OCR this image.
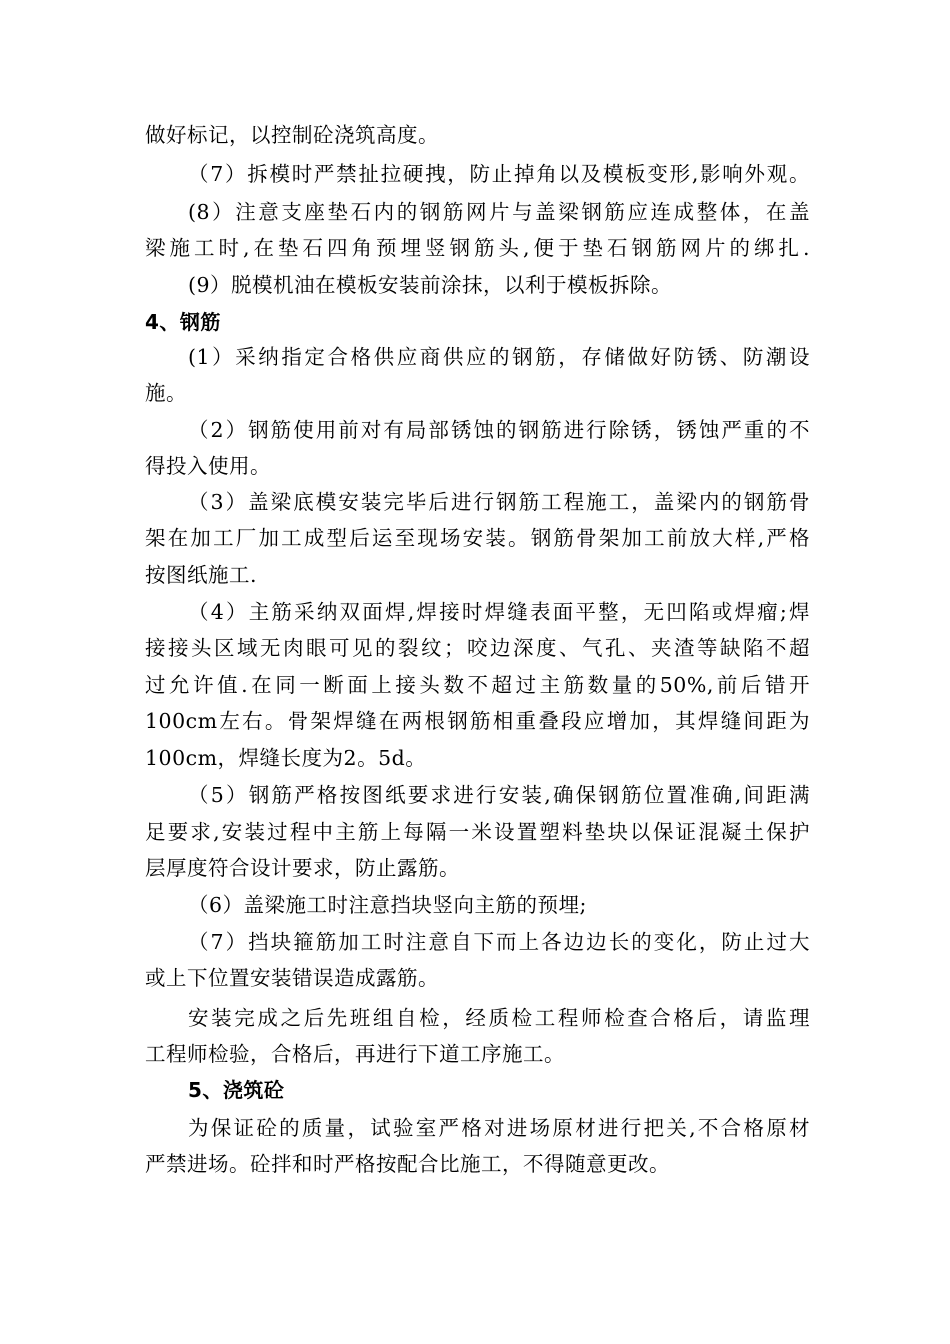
做好标记，以控制砼浇筑高度。
（7）拆模时严禁扯拉硬拽，防止掉角以及模板变形,影响外观。
(8）注意支座垫石内的钢筋网片与盖梁钢筋应连成整体，在盖
梁施工时,在垫石四角预埋竖钢筋头,便于垫石钢筋网片的绑扎.
(9）脱模机油在模板安装前涂抹，以利于模板拆除。
4、钢筋
(1）采纳指定合格供应商供应的钢筋，存储做好防锈、防潮设
施。
（2）钢筋使用前对有局部锈蚀的钢筋进行除锈，锈蚀严重的不
得投入使用。
（3）盖梁底模安装完毕后进行钢筋工程施工，盖梁内的钢筋骨
架在加工厂加工成型后运至现场安装。钢筋骨架加工前放大样,严格
按图纸施工.
（4）主筋采纳双面焊,焊接时焊缝表面平整，无凹陷或焊瘤;焊
接接头区域无肉眼可见的裂纹；咬边深度、气孔、夹渣等缺陷不超
过允许值.在同一断面上接头数不超过主筋数量的50%,前后错开
100cm左右。骨架焊缝在两根钢筋相重叠段应增加，其焊缝间距为
100cm，焊缝长度为2。5d。
（5）钢筋严格按图纸要求进行安装,确保钢筋位置准确,间距满
足要求,安装过程中主筋上每隔一米设置塑料垫块以保证混凝土保护
层厚度符合设计要求，防止露筋。
（6）盖梁施工时注意挡块竖向主筋的预埋;
（7）挡块箍筋加工时注意自下而上各边边长的变化，防止过大
或上下位置安装错误造成露筋。
安装完成之后先班组自检，经质检工程师检查合格后，请监理
工程师检验，合格后，再进行下道工序施工。
5、浇筑砼
为保证砼的质量，试验室严格对进场原材进行把关,不合格原材
严禁进场。砼拌和时严格按配合比施工，不得随意更改。
